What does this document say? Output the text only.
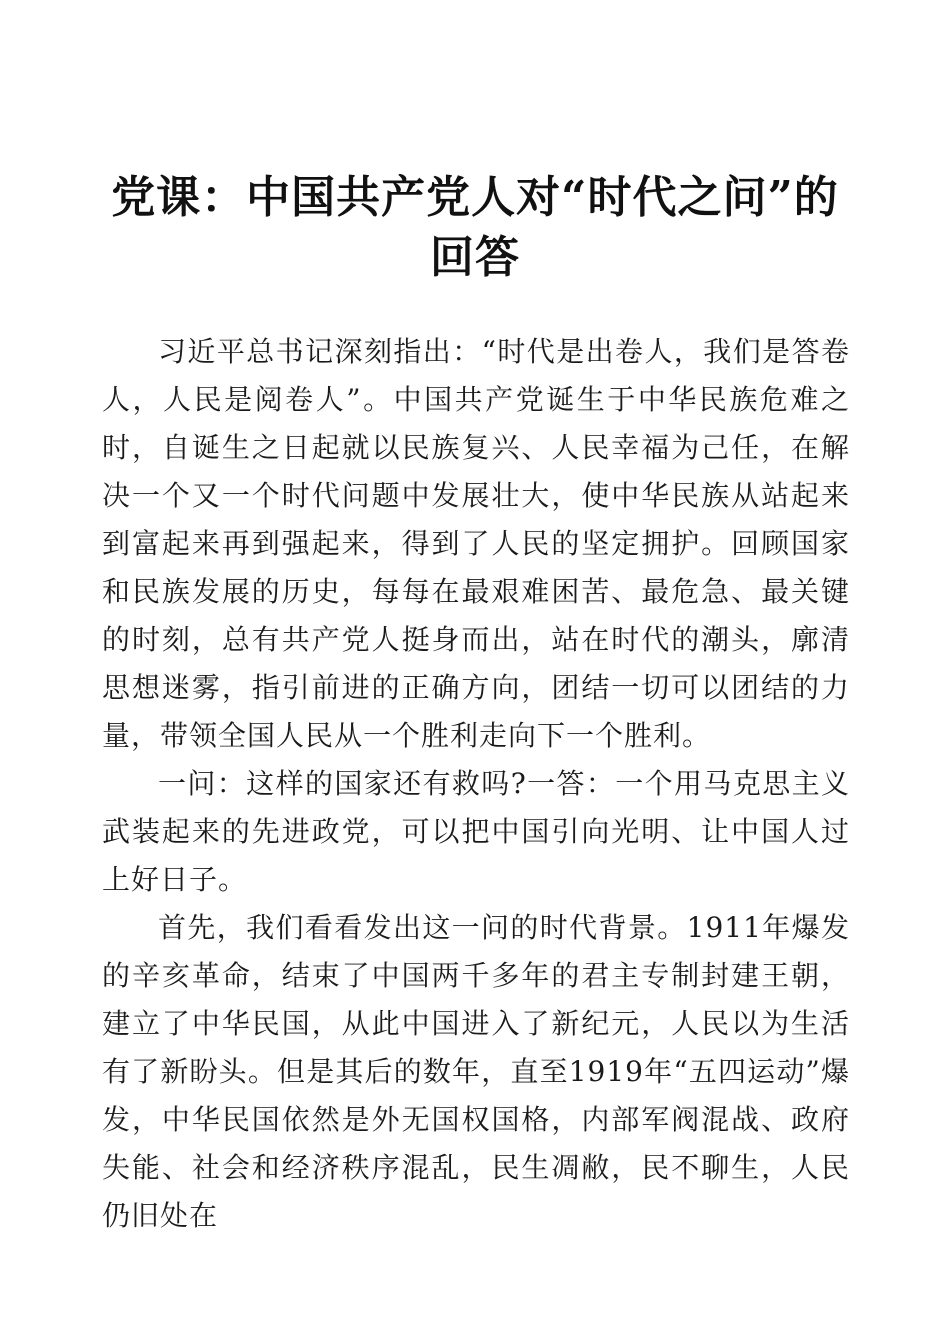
党课：中国共产党人对“时代之问”的回答

习近平总书记深刻指出：“时代是出卷人，我们是答卷人，人民是阅卷人”。中国共产党诞生于中华民族危难之时，自诞生之日起就以民族复兴、人民幸福为己任，在解决一个又一个时代问题中发展壮大，使中华民族从站起来到富起来再到强起来，得到了人民的坚定拥护。回顾国家和民族发展的历史，每每在最艰难困苦、最危急、最关键的时刻，总有共产党人挺身而出，站在时代的潮头，廓清思想迷雾，指引前进的正确方向，团结一切可以团结的力量，带领全国人民从一个胜利走向下一个胜利。

一问：这样的国家还有救吗?一答：一个用马克思主义武装起来的先进政党，可以把中国引向光明、让中国人过上好日子。

首先，我们看看发出这一问的时代背景。1911年爆发的辛亥革命，结束了中国两千多年的君主专制封建王朝，建立了中华民国，从此中国进入了新纪元，人民以为生活有了新盼头。但是其后的数年，直至1919年“五四运动”爆发，中华民国依然是外无国权国格，内部军阀混战、政府失能、社会和经济秩序混乱，民生凋敝，民不聊生，人民仍旧处在
